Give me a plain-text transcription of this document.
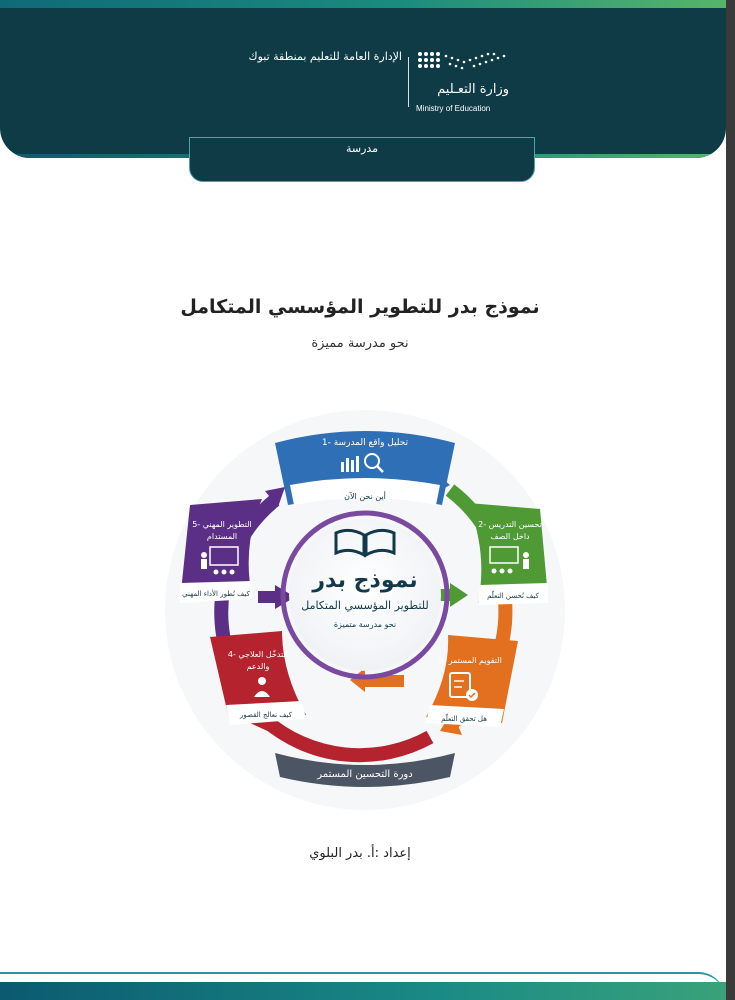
الإدارة العامة للتعليم بمنطقة تبوك
وزارة التعـليم
Ministry of Education
مدرسة
نموذج بدر للتطوير المؤسسي المتكامل
نحو مدرسة مميزة
نموذج بدر
للتطوير المؤسسي المتكامل
نحو مدرسة متميزة
1- تحليل واقع المدرسة
أين نحن الآن
2- تحسين التدريس
داخل الصف
كيف نُحسن التعلّم
3- التقويم المستمر
هل تحقق التعلّم
4- التدخّل العلاجي
والدعم
كيف نعالج القصور
5- التطوير المهني
المستدام
كيف نُطور الأداء المهني
دورة التحسين المستمر
إعداد :أ. بدر البلوي
